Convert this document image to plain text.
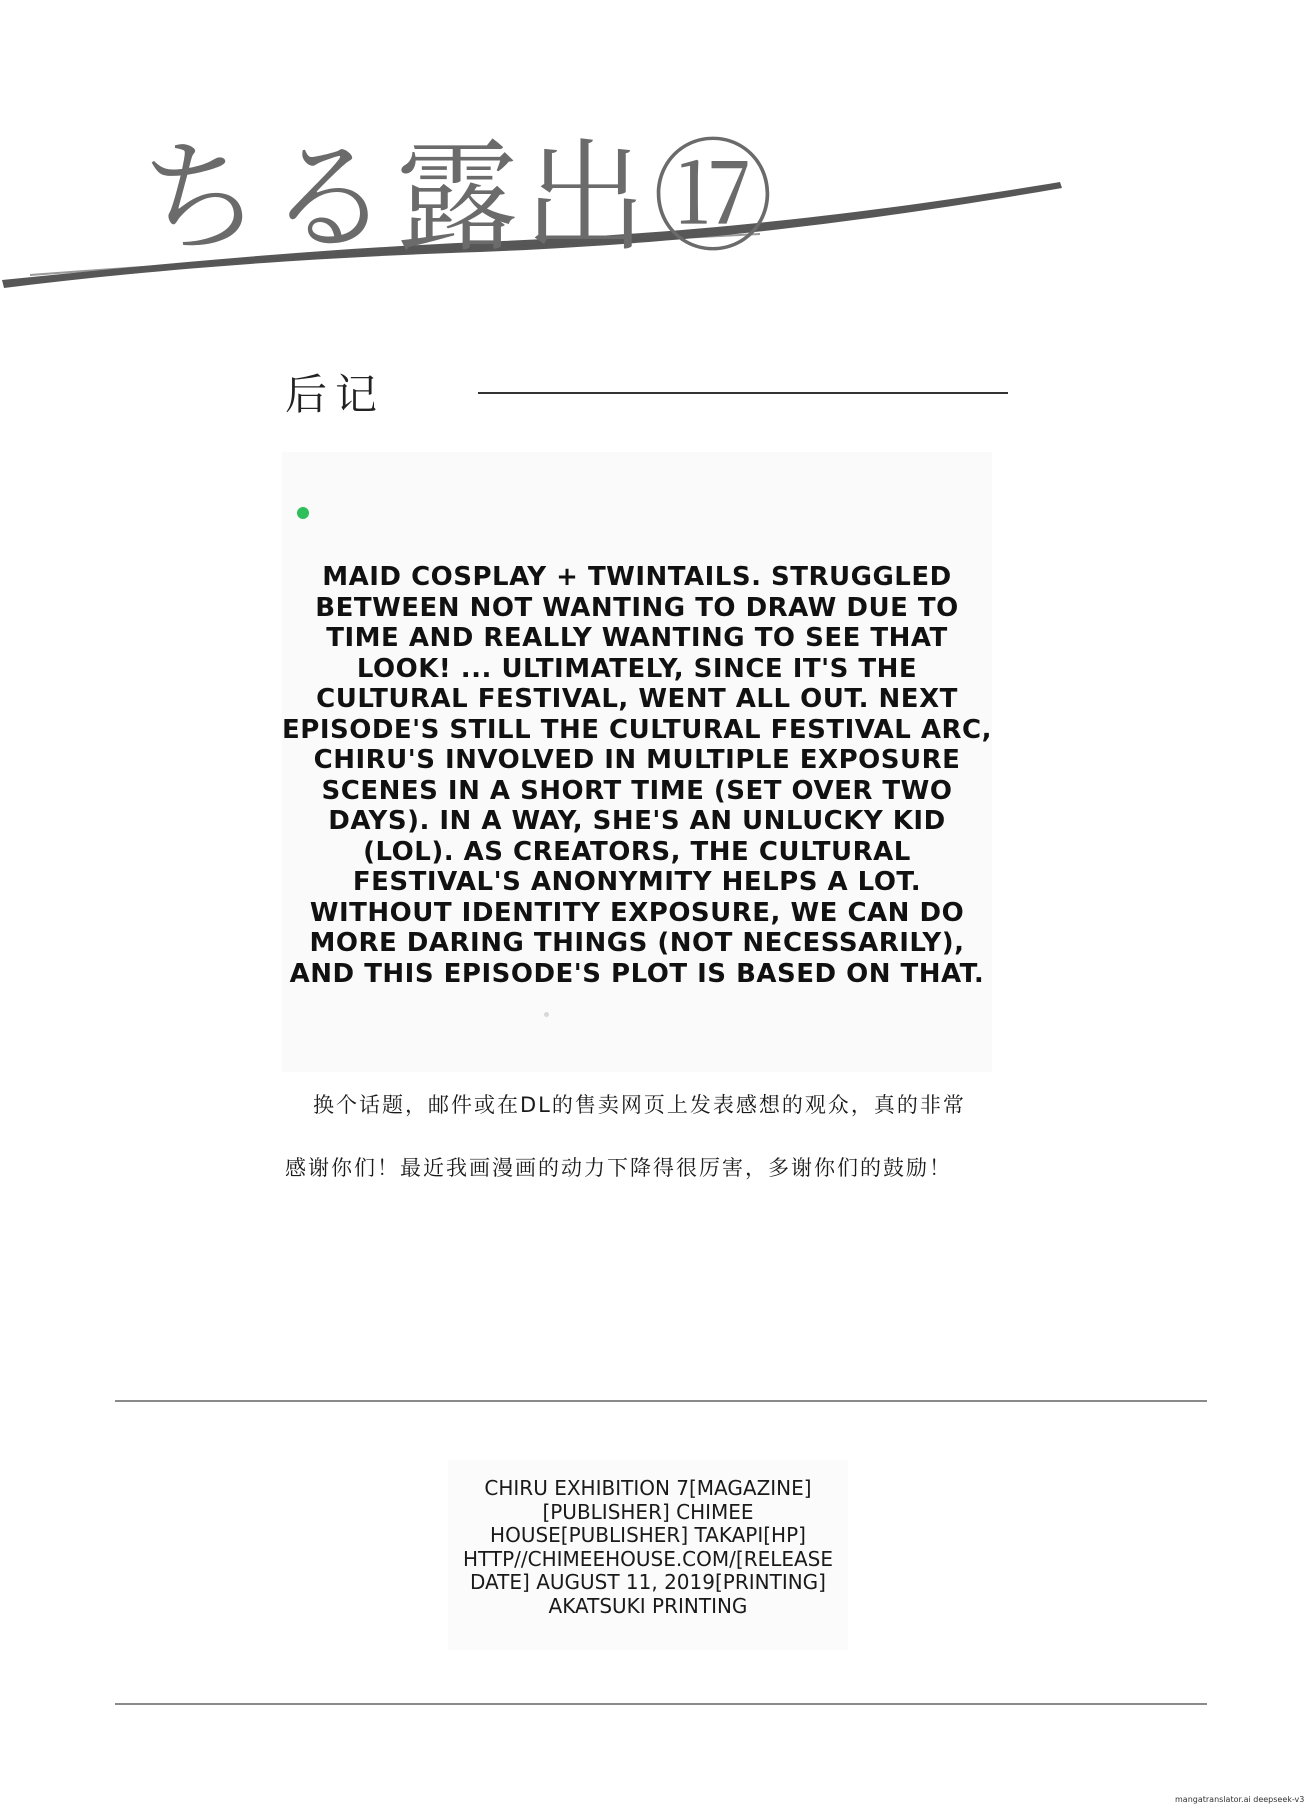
ちる露出⑰
后记
MAID COSPLAY + TWINTAILS. STRUGGLED BETWEEN NOT WANTING TO DRAW DUE TO TIME AND REALLY WANTING TO SEE THAT LOOK! ... ULTIMATELY, SINCE IT'S THE CULTURAL FESTIVAL, WENT ALL OUT. NEXT EPISODE'S STILL THE CULTURAL FESTIVAL ARC, CHIRU'S INVOLVED IN MULTIPLE EXPOSURE SCENES IN A SHORT TIME (SET OVER TWO DAYS). IN A WAY, SHE'S AN UNLUCKY KID (LOL). AS CREATORS, THE CULTURAL FESTIVAL'S ANONYMITY HELPS A LOT. WITHOUT IDENTITY EXPOSURE, WE CAN DO MORE DARING THINGS (NOT NECESSARILY), AND THIS EPISODE'S PLOT IS BASED ON THAT.
换个话题，邮件或在DL的售卖网页上发表感想的观众，真的非常
感谢你们！最近我画漫画的动力下降得很厉害，多谢你们的鼓励！
CHIRU EXHIBITION 7[MAGAZINE] [PUBLISHER] CHIMEE HOUSE[PUBLISHER] TAKAPI[HP] HTTP//CHIMEEHOUSE.COM/[RELEASE DATE] AUGUST 11, 2019[PRINTING] AKATSUKI PRINTING
mangatranslator.ai deepseek-v3
